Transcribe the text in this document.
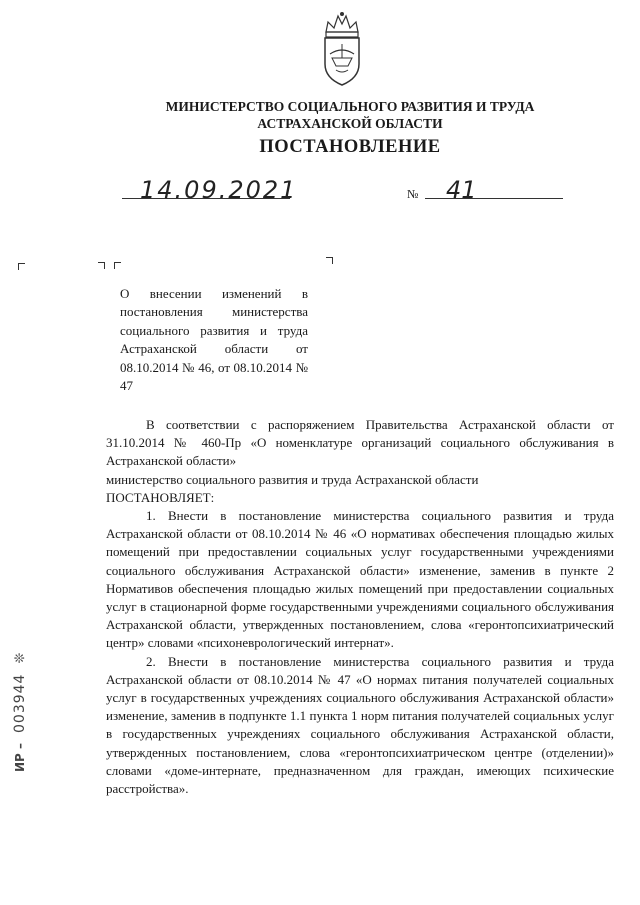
МИНИСТЕРСТВО СОЦИАЛЬНОГО РАЗВИТИЯ И ТРУДА
АСТРАХАНСКОЙ ОБЛАСТИ
ПОСТАНОВЛЕНИЕ
14.09.2021	№ 41
О внесении изменений в постановления министерства социального развития и труда Астраханской области от 08.10.2014 № 46, от 08.10.2014 № 47

В соответствии с распоряжением Правительства Астраханской области от 31.10.2014 № 460-Пр «О номенклатуре организаций социального обслуживания в Астраханской области»

министерство социального развития и труда Астраханской области

ПОСТАНОВЛЯЕТ:

1. Внести в постановление министерства социального развития и труда Астраханской области от 08.10.2014 № 46 «О нормативах обеспечения площадью жилых помещений при предоставлении социальных услуг государственными учреждениями социального обслуживания Астраханской области» изменение, заменив в пункте 2 Нормативов обеспечения площадью жилых помещений при предоставлении социальных услуг в стационарной форме государственными учреждениями социального обслуживания Астраханской области, утвержденных постановлением, слова «геронтопсихиатрический центр» словами «психоневрологический интернат».

2. Внести в постановление министерства социального развития и труда Астраханской области от 08.10.2014 № 47 «О нормах питания получателей социальных услуг в государственных учреждениях социального обслуживания Астраханской области» изменение, заменив в подпункте 1.1 пункта 1 норм питания получателей социальных услуг в государственных учреждениях социального обслуживания Астраханской области, утвержденных постановлением, слова «геронтопсихиатрическом центре (отделении)» словами «доме-интернате, предназначенном для граждан, имеющих психические расстройства».

ИР –
003944
❊
